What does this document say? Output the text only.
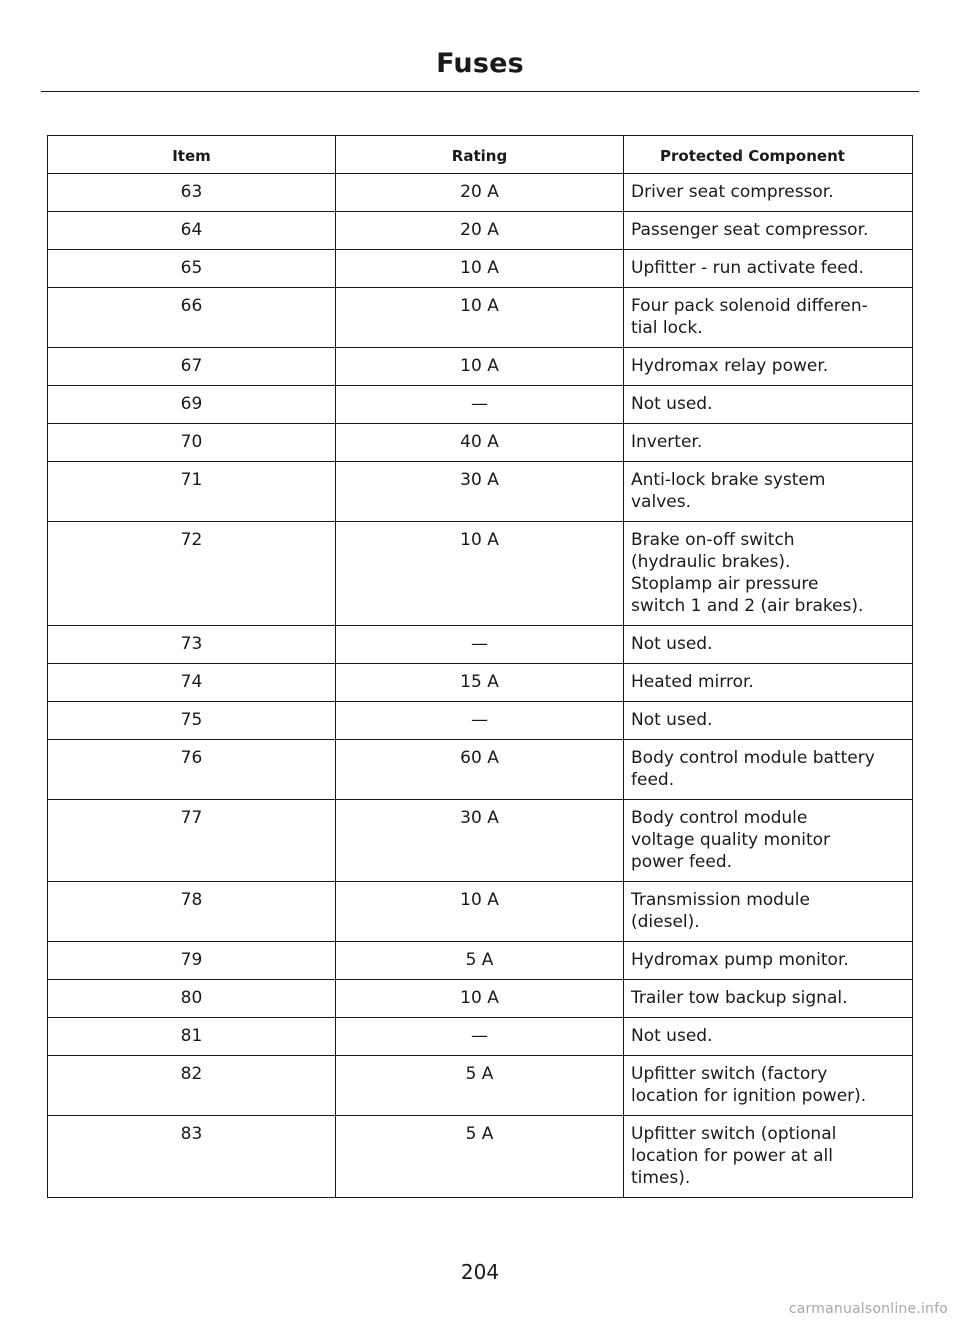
Fuses
Item	Rating	Protected Component
63	20 A	Driver seat compressor.
64	20 A	Passenger seat compressor.
65	10 A	Upfitter - run activate feed.
66	10 A	Four pack solenoid differen-
tial lock.
67	10 A	Hydromax relay power.
69	—	Not used.
70	40 A	Inverter.
71	30 A	Anti-lock brake system
valves.
72	10 A	Brake on-off switch
(hydraulic brakes).
Stoplamp air pressure
switch 1 and 2 (air brakes).
73	—	Not used.
74	15 A	Heated mirror.
75	—	Not used.
76	60 A	Body control module battery
feed.
77	30 A	Body control module
voltage quality monitor
power feed.
78	10 A	Transmission module
(diesel).
79	5 A	Hydromax pump monitor.
80	10 A	Trailer tow backup signal.
81	—	Not used.
82	5 A	Upfitter switch (factory
location for ignition power).
83	5 A	Upfitter switch (optional
location for power at all
times).
204
carmanualsonline.info
